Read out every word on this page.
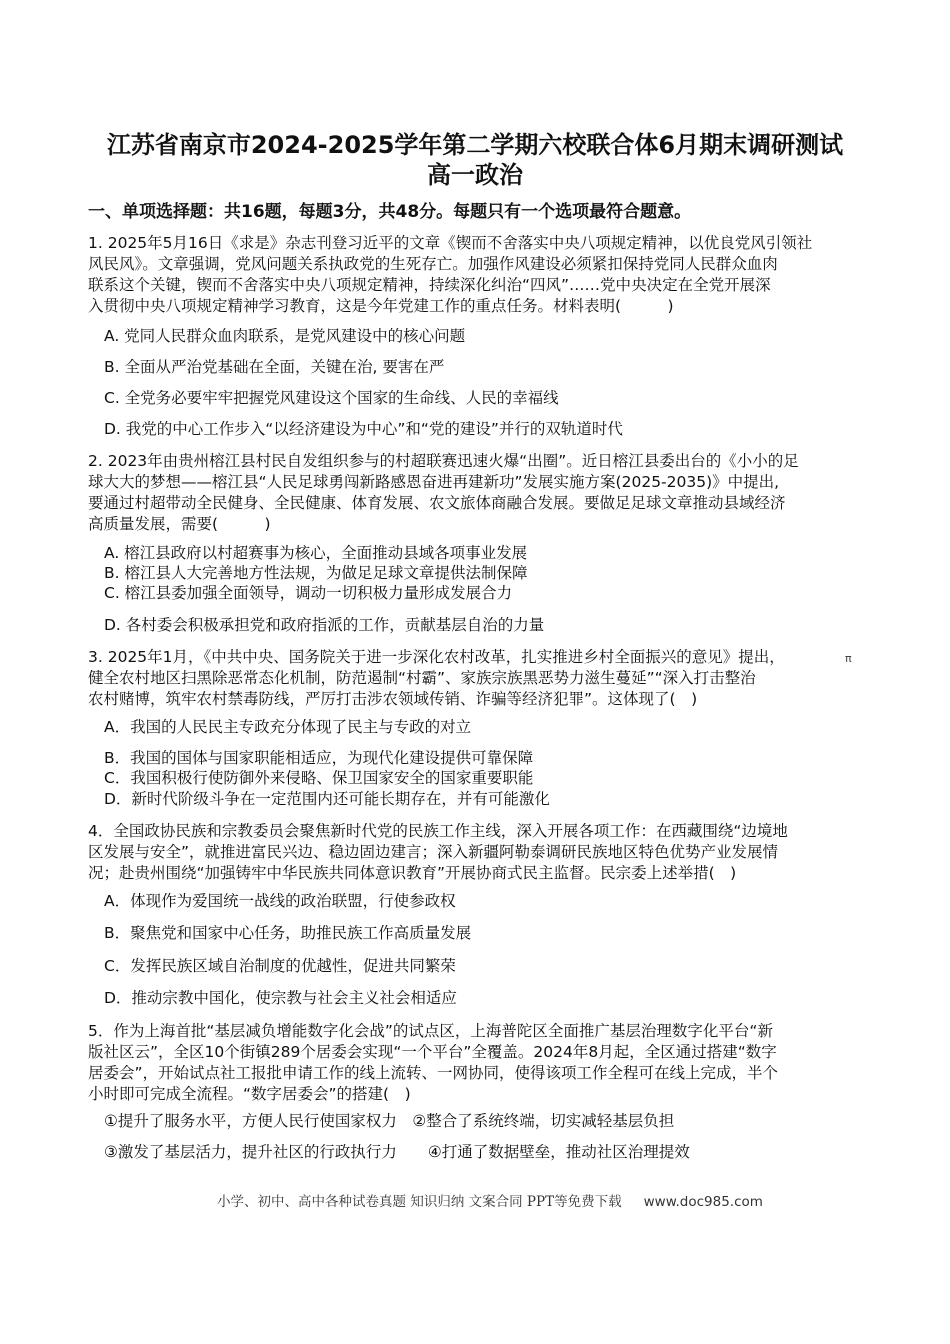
江苏省南京市2024-2025学年第二学期六校联合体6月期末调研测试
高一政治
一、单项选择题：共16题，每题3分，共48分。每题只有一个选项最符合题意。
1. 2025年5月16日《求是》杂志刊登习近平的文章《锲而不舍落实中央八项规定精神，以优良党风引领社
风民风》。文章强调，党风问题关系执政党的生死存亡。加强作风建设必须紧扣保持党同人民群众血肉
联系这个关键，锲而不舍落实中央八项规定精神，持续深化纠治“四风”……党中央决定在全党开展深
入贯彻中央八项规定精神学习教育，这是今年党建工作的重点任务。材料表明(　　　)
A. 党同人民群众血肉联系，是党风建设中的核心问题
B. 全面从严治党基础在全面，关键在治, 要害在严
C. 全党务必要牢牢把握党风建设这个国家的生命线、人民的幸福线
D. 我党的中心工作步入“以经济建设为中心”和“党的建设”并行的双轨道时代
2. 2023年由贵州榕江县村民自发组织参与的村超联赛迅速火爆“出圈”。近日榕江县委出台的《小小的足
球大大的梦想——榕江县“人民足球勇闯新路感恩奋进再建新功”发展实施方案(2025-2035)》中提出,
要通过村超带动全民健身、全民健康、体育发展、农文旅体商融合发展。要做足足球文章推动县域经济
高质量发展，需要(　　　)
A. 榕江县政府以村超赛事为核心，全面推动县域各项事业发展
B. 榕江县人大完善地方性法规，为做足足球文章提供法制保障
C. 榕江县委加强全面领导，调动一切积极力量形成发展合力
D. 各村委会积极承担党和政府指派的工作，贡献基层自治的力量
3. 2025年1月，《中共中央、国务院关于进一步深化农村改革，扎实推进乡村全面振兴的意见》提出，
健全农村地区扫黑除恶常态化机制，防范遏制“村霸”、家族宗族黑恶势力滋生蔓延”“深入打击整治
农村赌博，筑牢农村禁毒防线，严厉打击涉农领域传销、诈骗等经济犯罪”。这体现了(　)
π
A．我国的人民民主专政充分体现了民主与专政的对立
B．我国的国体与国家职能相适应，为现代化建设提供可靠保障
C．我国积极行使防御外来侵略、保卫国家安全的国家重要职能
D．新时代阶级斗争在一定范围内还可能长期存在，并有可能激化
4．全国政协民族和宗教委员会聚焦新时代党的民族工作主线，深入开展各项工作：在西藏围绕“边境地
区发展与安全”，就推进富民兴边、稳边固边建言；深入新疆阿勒泰调研民族地区特色优势产业发展情
况；赴贵州围绕“加强铸牢中华民族共同体意识教育”开展协商式民主监督。民宗委上述举措(　)
A．体现作为爱国统一战线的政治联盟，行使参政权
B．聚焦党和国家中心任务，助推民族工作高质量发展
C．发挥民族区域自治制度的优越性，促进共同繁荣
D．推动宗教中国化，使宗教与社会主义社会相适应
5．作为上海首批“基层减负增能数字化会战”的试点区，上海普陀区全面推广基层治理数字化平台“新
版社区云”，全区10个街镇289个居委会实现“一个平台”全覆盖。2024年8月起，全区通过搭建“数字
居委会”，开始试点社工报批申请工作的线上流转、一网协同，使得该项工作全程可在线上完成，半个
小时即可完成全流程。“数字居委会”的搭建(　)
①提升了服务水平，方便人民行使国家权力　②整合了系统终端，切实减轻基层负担
③激发了基层活力，提升社区的行政执行力　　④打通了数据壁垒，推动社区治理提效
小学、初中、高中各种试卷真题 知识归纳 文案合同 PPT等免费下载 www.doc985.com
